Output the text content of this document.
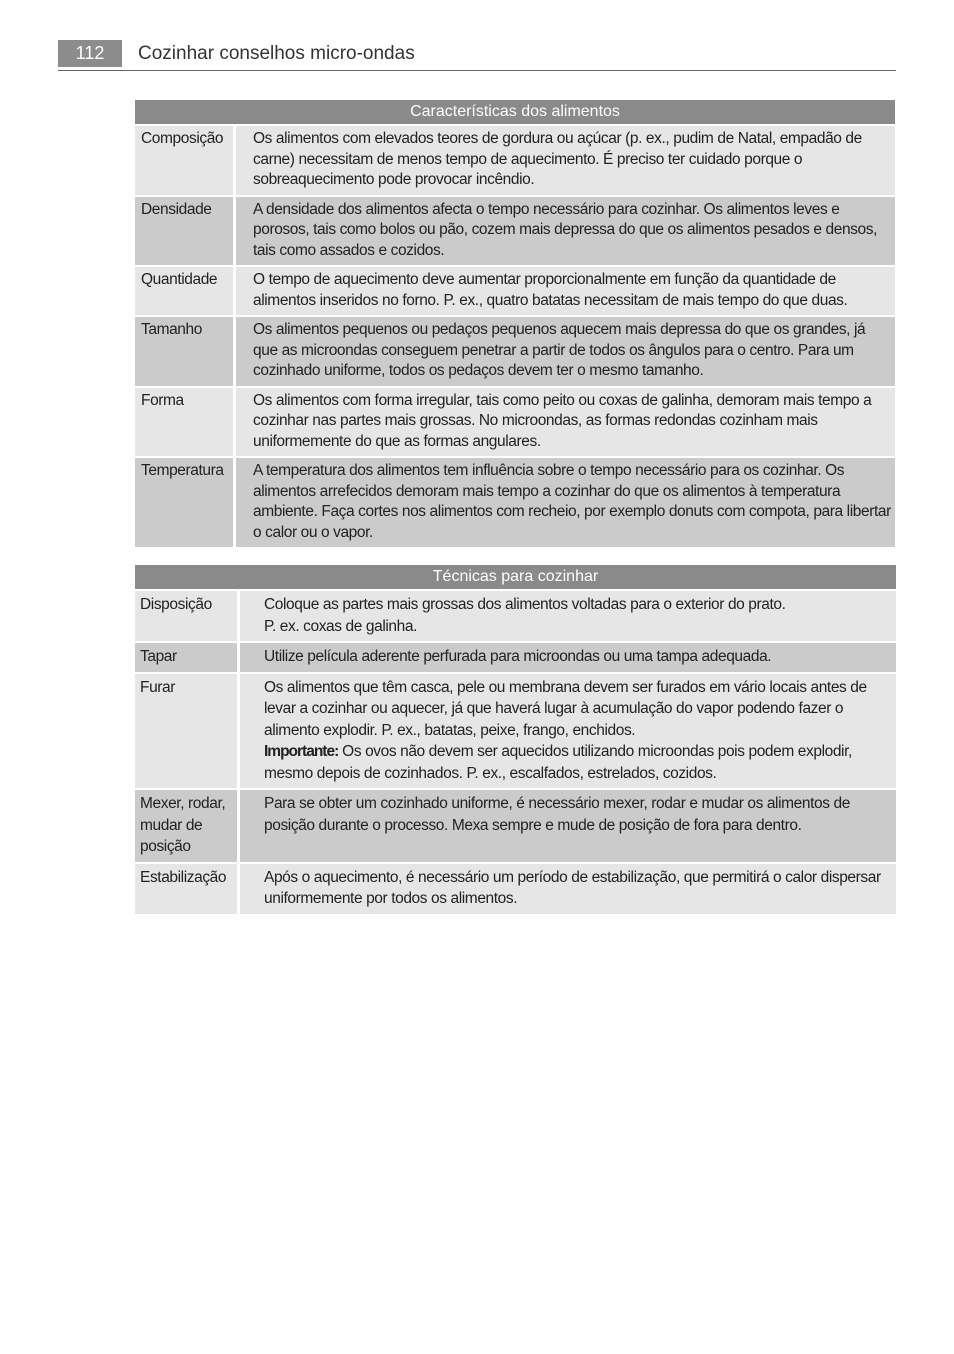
112	Cozinhar conselhos micro-ondas
Características dos alimentos	
Composição	Os alimentos com elevados teores de gordura ou açúcar (p. ex., pudim de Natal, empadão de carne) necessitam de menos tempo de aquecimento. É preciso ter cuidado porque o sobreaquecimento pode provocar incêndio.
Densidade	A densidade dos alimentos afecta o tempo necessário para cozinhar. Os alimentos leves e porosos, tais como bolos ou pão, cozem mais depressa do que os alimentos pesados e densos, tais como assados e cozidos.
Quantidade	O tempo de aquecimento deve aumentar proporcionalmente em função da quantidade de alimentos inseridos no forno. P. ex., quatro batatas necessitam de mais tempo do que duas.
Tamanho	Os alimentos pequenos ou pedaços pequenos aquecem mais depressa do que os grandes, já que as microondas conseguem penetrar a partir de todos os ângulos para o centro. Para um cozinhado uniforme, todos os pedaços devem ter o mesmo tamanho.
Forma	Os alimentos com forma irregular, tais como peito ou coxas de galinha, demoram mais tempo a cozinhar nas partes mais grossas. No microondas, as formas redondas cozinham mais uniformemente do que as formas angulares.
Temperatura	A temperatura dos alimentos tem influência sobre o tempo necessário para os cozinhar. Os alimentos arrefecidos demoram mais tempo a cozinhar do que os alimentos à temperatura ambiente. Faça cortes nos alimentos com recheio, por exemplo donuts com compota, para libertar o calor ou o vapor.
Técnicas para cozinhar	
Disposição	Coloque as partes mais grossas dos alimentos voltadas para o exterior do prato.
P. ex. coxas de galinha.

Tapar	Utilize película aderente perfurada para microondas ou uma tampa adequada.
Furar	Os alimentos que têm casca, pele ou membrana devem ser furados em vário locais antes de levar a cozinhar ou aquecer, já que haverá lugar à acumulação do vapor podendo fazer o alimento explodir. P. ex., batatas, peixe, frango, enchidos.
Importante: Os ovos não devem ser aquecidos utilizando microondas pois podem explodir, mesmo depois de cozinhados. P. ex., escalfados, estrelados, cozidos.

Mexer, rodar, mudar de posição	Para se obter um cozinhado uniforme, é necessário mexer, rodar e mudar os alimentos de posição durante o processo. Mexa sempre e mude de posição de fora para dentro.
Estabilização	Após o aquecimento, é necessário um período de estabilização, que permitirá o calor dispersar uniformemente por todos os alimentos.
